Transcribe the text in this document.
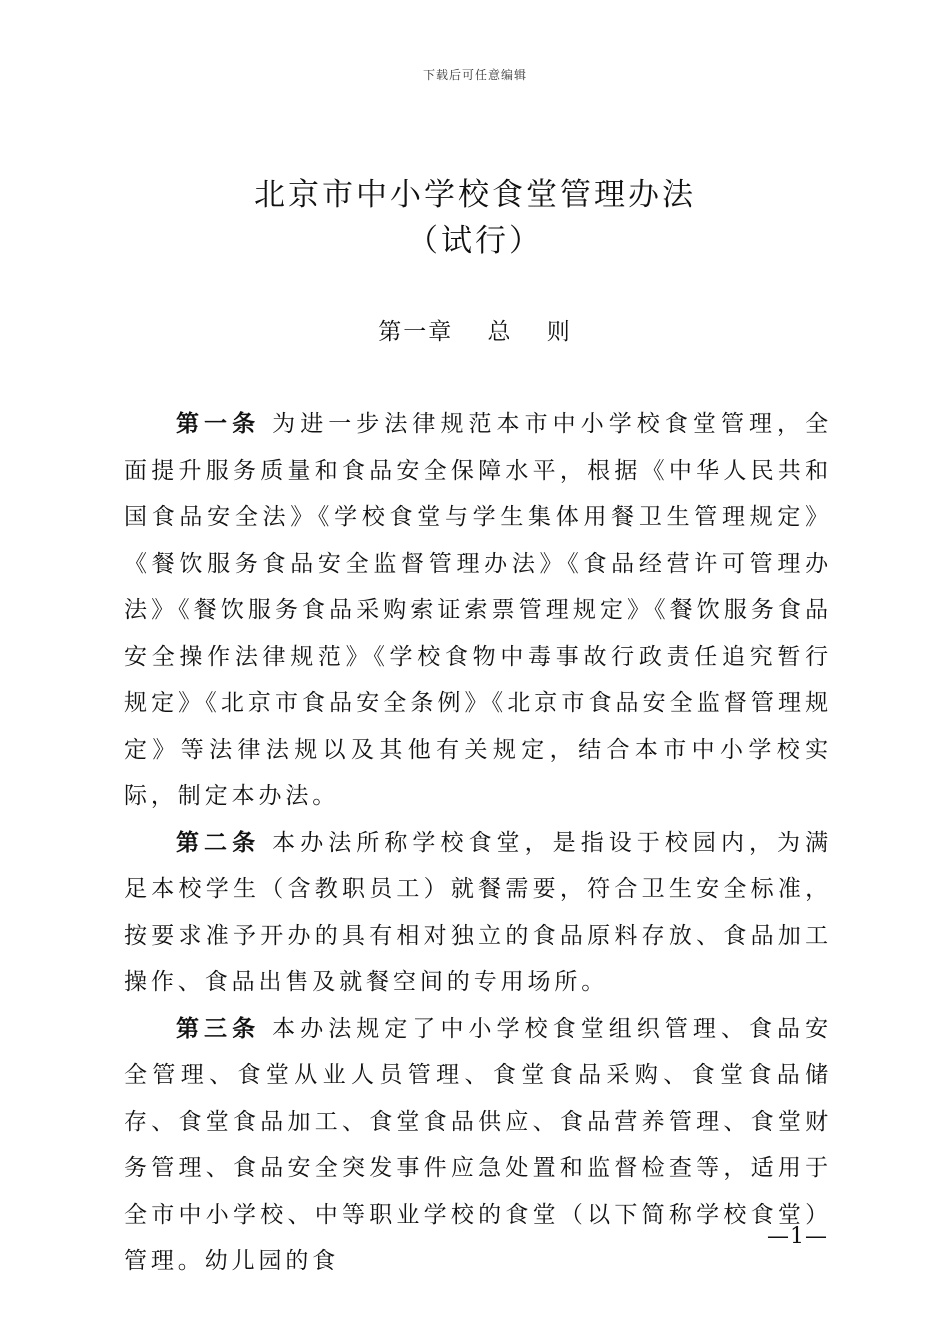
下载后可任意编辑
北京市中小学校食堂管理办法
（试行）
第一章　 总　 则

第一条 为进一步法律规范本市中小学校食堂管理，全面提升服务质量和食品安全保障水平，根据《中华人民共和国食品安全法》《学校食堂与学生集体用餐卫生管理规定》《餐饮服务食品安全监督管理办法》《食品经营许可管理办法》《餐饮服务食品采购索证索票管理规定》《餐饮服务食品安全操作法律规范》《学校食物中毒事故行政责任追究暂行规定》《北京市食品安全条例》《北京市食品安全监督管理规定》等法律法规以及其他有关规定，结合本市中小学校实际，制定本办法。

第二条 本办法所称学校食堂，是指设于校园内，为满足本校学生（含教职员工）就餐需要，符合卫生安全标准，按要求准予开办的具有相对独立的食品原料存放、食品加工操作、食品出售及就餐空间的专用场所。

第三条 本办法规定了中小学校食堂组织管理、食品安全管理、食堂从业人员管理、食堂食品采购、食堂食品储存、食堂食品加工、食堂食品供应、食品营养管理、食堂财务管理、食品安全突发事件应急处置和监督检查等，适用于全市中小学校、中等职业学校的食堂（以下简称学校食堂）管理。幼儿园的食

—1—
